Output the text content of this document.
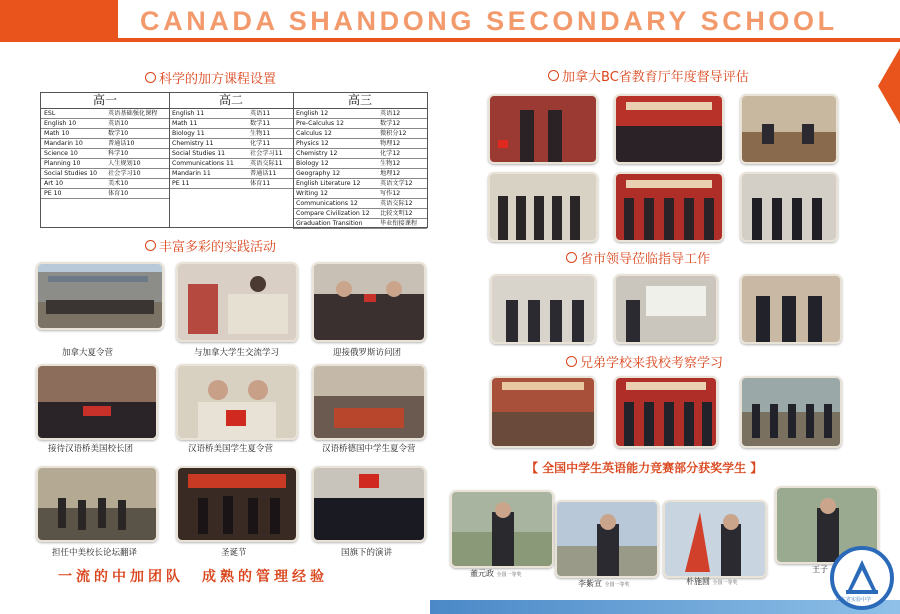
CANADA SHANDONG SECONDARY SCHOOL
科学的加方课程设置
高一
ESL	英语基础强化课程
English 10	英语10
Math 10	数学10
Mandarin 10	普通话10
Science 10	科学10
Planning 10	人生规划10
Social Studies 10	社会学习10
Art 10	美术10
PE 10	体育10
高二
English 11	英语11
Math 11	数学11
Biology 11	生物11
Chemistry 11	化学11
Social Studies 11	社会学习11
Communications 11	英语交际11
Mandarin 11	普通话11
PE 11	体育11
高三
English 12	英语12
Pre-Calculus 12	数学12
Calculus 12	微积分12
Physics 12	物理12
Chemistry 12	化学12
Biology 12	生物12
Geography 12	地理12
English Literature 12	英语文学12
Writing 12	写作12
Communications 12	英语交际12
Compare Civilization 12	比较文明12
Graduation Transition	毕业衔接课程
丰富多彩的实践活动
加拿大夏令营	与加拿大学生交流学习	迎接俄罗斯访问团
接待汉语桥美国校长团	汉语桥美国学生夏令营	汉语桥德国中学生夏令营
担任中美校长论坛翻译	圣诞节	国旗下的演讲
一流的中加团队　成熟的管理经验
加拿大BC省教育厅年度督导评估
省市领导莅临指导工作
兄弟学校来我校考察学习
【 全国中学生英语能力竞赛部分获奖学生 】
董元政 全国一等奖
李紫宣 全国一等奖	朴施圆 全国一等奖
王子
山东省实验中学
